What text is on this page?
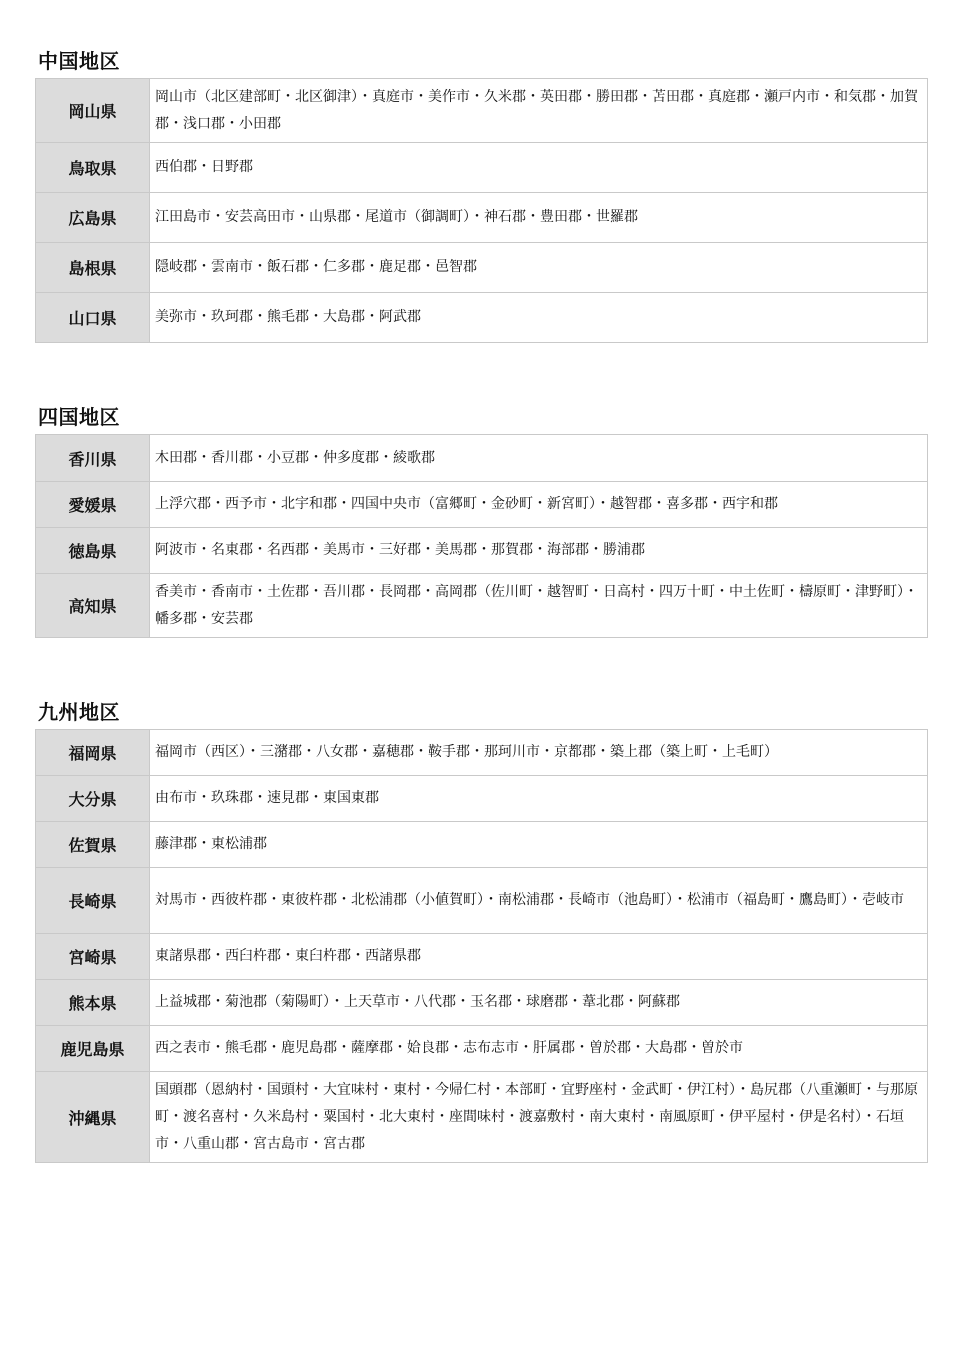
中国地区
岡山県	岡山市（北区建部町・北区御津）・真庭市・美作市・久米郡・英田郡・勝田郡・苫田郡・真庭郡・瀬戸内市・和気郡・加賀郡・浅口郡・小田郡
鳥取県	西伯郡・日野郡
広島県	江田島市・安芸高田市・山県郡・尾道市（御調町）・神石郡・豊田郡・世羅郡
島根県	隠岐郡・雲南市・飯石郡・仁多郡・鹿足郡・邑智郡
山口県	美弥市・玖珂郡・熊毛郡・大島郡・阿武郡
四国地区
香川県	木田郡・香川郡・小豆郡・仲多度郡・綾歌郡
愛媛県	上浮穴郡・西予市・北宇和郡・四国中央市（富郷町・金砂町・新宮町）・越智郡・喜多郡・西宇和郡
徳島県	阿波市・名東郡・名西郡・美馬市・三好郡・美馬郡・那賀郡・海部郡・勝浦郡
高知県	香美市・香南市・土佐郡・吾川郡・長岡郡・高岡郡（佐川町・越智町・日高村・四万十町・中土佐町・檮原町・津野町）・幡多郡・安芸郡
九州地区
福岡県	福岡市（西区）・三潴郡・八女郡・嘉穂郡・鞍手郡・那珂川市・京都郡・築上郡（築上町・上毛町）
大分県	由布市・玖珠郡・速見郡・東国東郡
佐賀県	藤津郡・東松浦郡
長崎県	対馬市・西彼杵郡・東彼杵郡・北松浦郡（小値賀町）・南松浦郡・長崎市（池島町）・松浦市（福島町・鷹島町）・壱岐市
宮崎県	東諸県郡・西臼杵郡・東臼杵郡・西諸県郡
熊本県	上益城郡・菊池郡（菊陽町）・上天草市・八代郡・玉名郡・球磨郡・葦北郡・阿蘇郡
鹿児島県	西之表市・熊毛郡・鹿児島郡・薩摩郡・姶良郡・志布志市・肝属郡・曽於郡・大島郡・曽於市
沖縄県	国頭郡（恩納村・国頭村・大宜味村・東村・今帰仁村・本部町・宜野座村・金武町・伊江村）・島尻郡（八重瀬町・与那原町・渡名喜村・久米島村・粟国村・北大東村・座間味村・渡嘉敷村・南大東村・南風原町・伊平屋村・伊是名村）・石垣市・八重山郡・宮古島市・宮古郡
